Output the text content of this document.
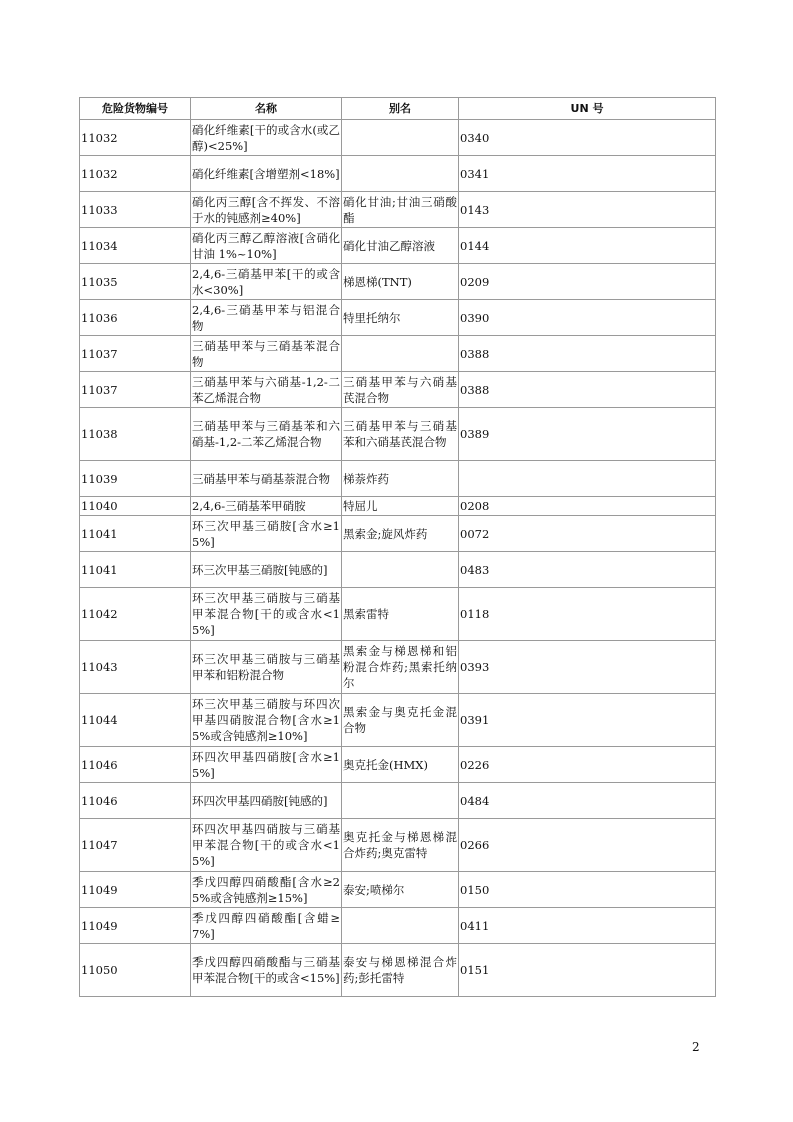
危险货物编号	名称	别名	UN 号
11032	硝化纤维素[干的或含水(或乙醇)<25%]		0340
11032	硝化纤维素[含增塑剂<18%]		0341
11033	硝化丙三醇[含不挥发、不溶于水的钝感剂≥40%]	硝化甘油;甘油三硝酸酯	0143
11034	硝化丙三醇乙醇溶液[含硝化甘油 1%~10%]	硝化甘油乙醇溶液	0144
11035	2,4,6-三硝基甲苯[干的或含水<30%]	梯恩梯(TNT)	0209
11036	2,4,6-三硝基甲苯与铝混合物	特里托纳尔	0390
11037	三硝基甲苯与三硝基苯混合物		0388
11037	三硝基甲苯与六硝基-1,2-二苯乙烯混合物	三硝基甲苯与六硝基芪混合物	0388
11038	三硝基甲苯与三硝基苯和六硝基-1,2-二苯乙烯混合物	三硝基甲苯与三硝基苯和六硝基芪混合物	0389
11039	三硝基甲苯与硝基萘混合物	梯萘炸药	
11040	2,4,6-三硝基苯甲硝胺	特屈儿	0208
11041	环三次甲基三硝胺[含水≥15%]	黑索金;旋风炸药	0072
11041	环三次甲基三硝胺[钝感的]		0483
11042	环三次甲基三硝胺与三硝基甲苯混合物[干的或含水<15%]	黑索雷特	0118
11043	环三次甲基三硝胺与三硝基甲苯和铝粉混合物	黑索金与梯恩梯和铝粉混合炸药;黑索托纳尔	0393
11044	环三次甲基三硝胺与环四次甲基四硝胺混合物[含水≥15%或含钝感剂≥10%]	黑索金与奥克托金混合物	0391
11046	环四次甲基四硝胺[含水≥15%]	奥克托金(HMX)	0226
11046	环四次甲基四硝胺[钝感的]		0484
11047	环四次甲基四硝胺与三硝基甲苯混合物[干的或含水<15%]	奥克托金与梯恩梯混合炸药;奥克雷特	0266
11049	季戊四醇四硝酸酯[含水≥25%或含钝感剂≥15%]	泰安;喷梯尔	0150
11049	季戊四醇四硝酸酯[含蜡≥7%]		0411
11050	季戊四醇四硝酸酯与三硝基甲苯混合物[干的或含<15%]	泰安与梯恩梯混合炸药;彭托雷特	0151
2
